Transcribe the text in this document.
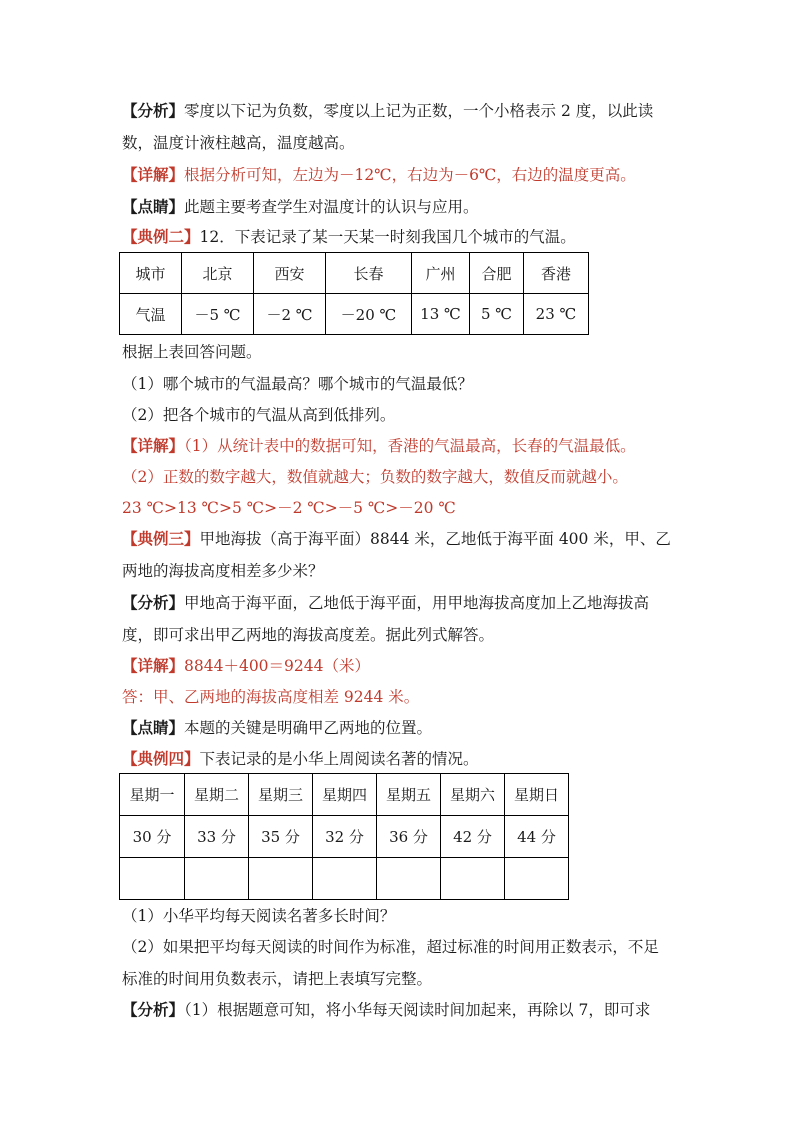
【分析】零度以下记为负数，零度以上记为正数，一个小格表示 2 度，以此读
数，温度计液柱越高，温度越高。
【详解】根据分析可知，左边为－12℃，右边为－6℃，右边的温度更高。
【点睛】此题主要考查学生对温度计的认识与应用。
【典例二】12．下表记录了某一天某一时刻我国几个城市的气温。
城市	北京	西安	长春	广州	合肥	香港
气温	－5 ℃	－2 ℃	－20 ℃	13 ℃	5 ℃	23 ℃
根据上表回答问题。
（1）哪个城市的气温最高？哪个城市的气温最低？
（2）把各个城市的气温从高到低排列。
【详解】（1）从统计表中的数据可知，香港的气温最高，长春的气温最低。
（2）正数的数字越大，数值就越大；负数的数字越大，数值反而就越小。
23 ℃>13 ℃>5 ℃>－2 ℃>－5 ℃>－20 ℃
【典例三】甲地海拔（高于海平面）8844 米，乙地低于海平面 400 米，甲、乙
两地的海拔高度相差多少米？
【分析】甲地高于海平面，乙地低于海平面，用甲地海拔高度加上乙地海拔高
度，即可求出甲乙两地的海拔高度差。据此列式解答。
【详解】8844＋400＝9244（米）
答：甲、乙两地的海拔高度相差 9244 米。
【点睛】本题的关键是明确甲乙两地的位置。
【典例四】下表记录的是小华上周阅读名著的情况。
星期一	星期二	星期三	星期四	星期五	星期六	星期日
30 分	33 分	35 分	32 分	36 分	42 分	44 分

（1）小华平均每天阅读名著多长时间？
（2）如果把平均每天阅读的时间作为标准，超过标准的时间用正数表示，不足
标准的时间用负数表示，请把上表填写完整。
【分析】（1）根据题意可知，将小华每天阅读时间加起来，再除以 7，即可求
